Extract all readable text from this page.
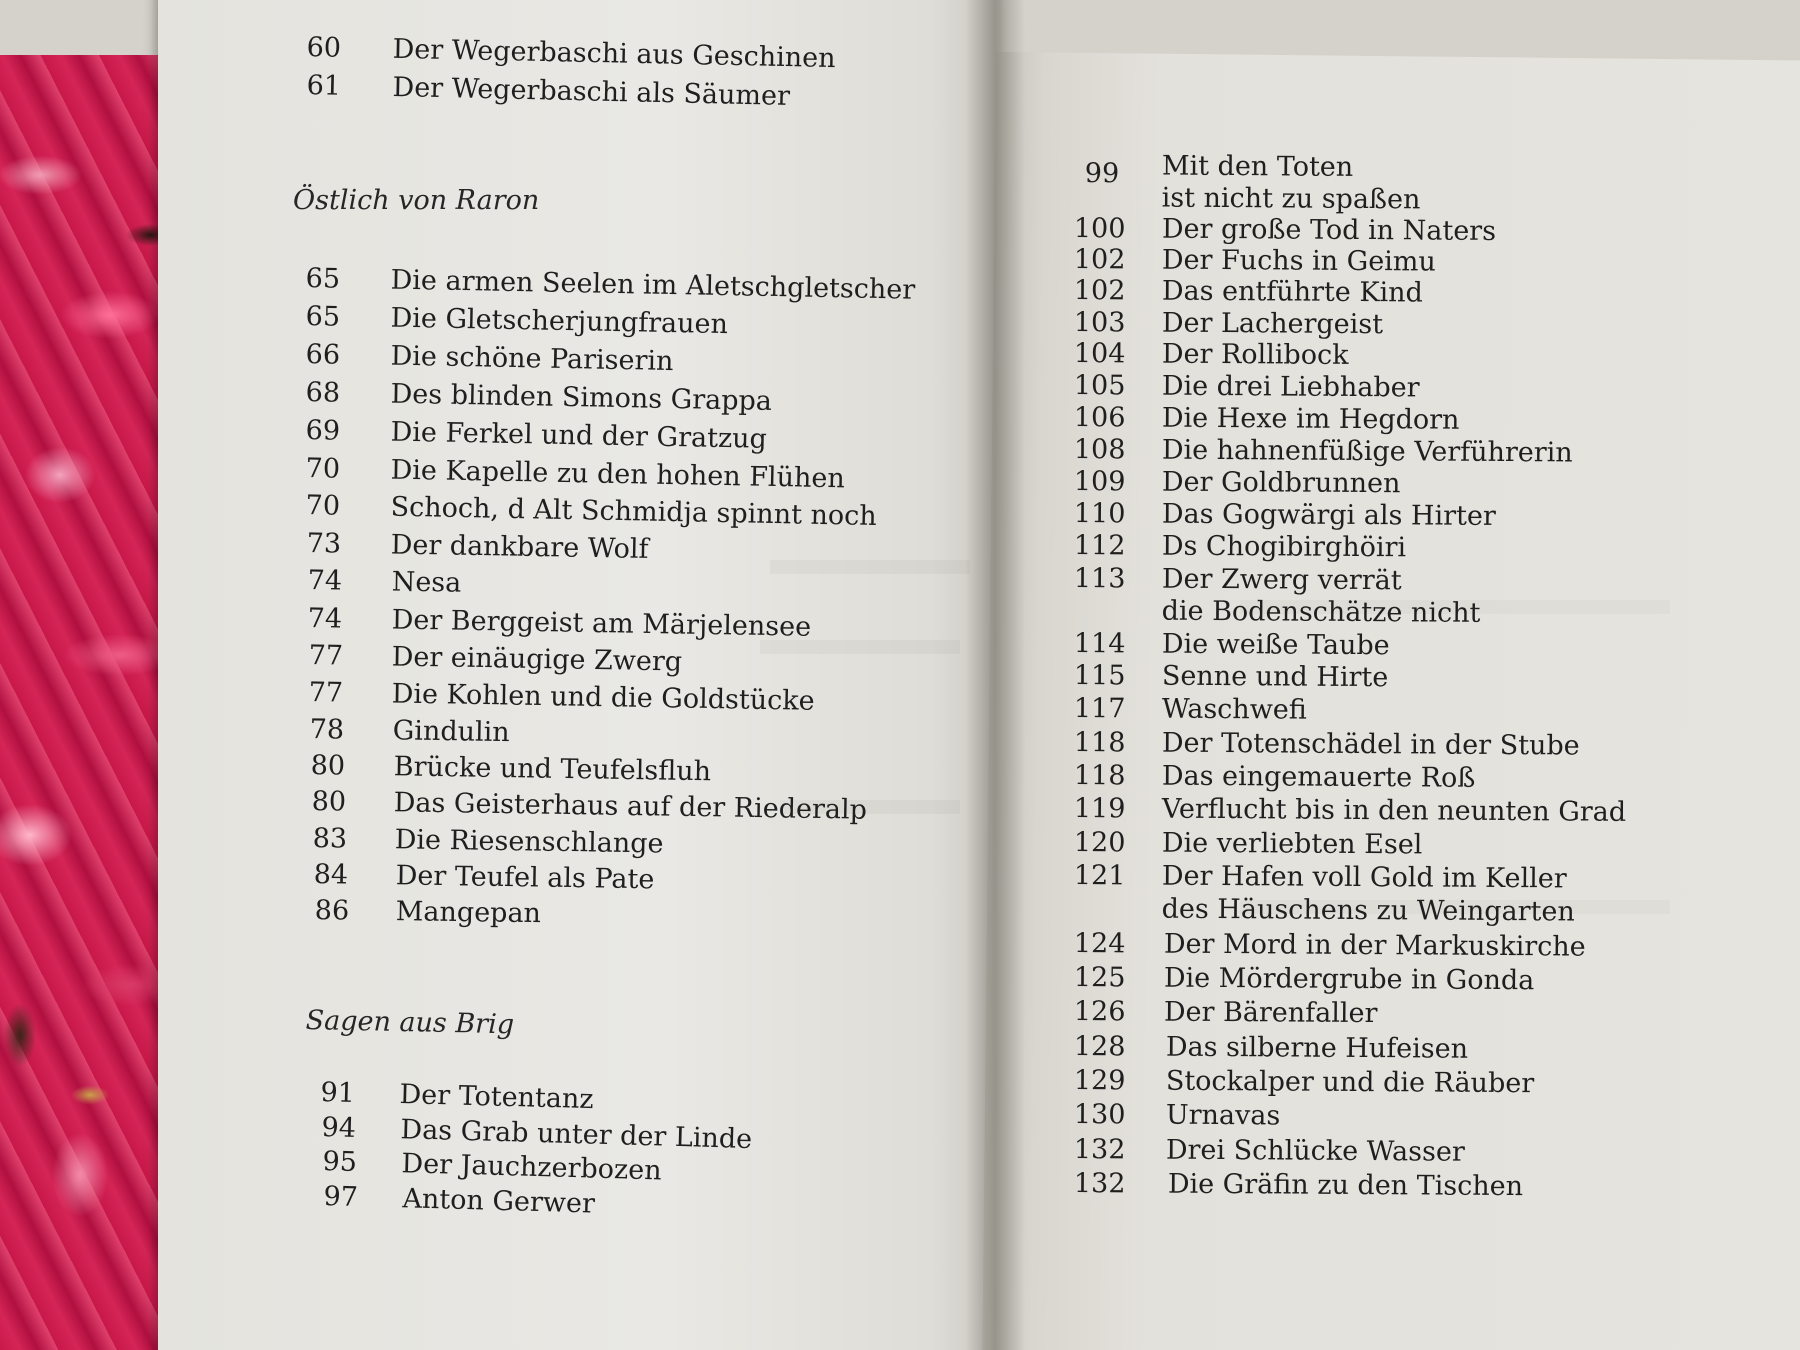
60 Der Wegerbaschi aus Geschinen
61 Der Wegerbaschi als Säumer
Östlich von Raron
65 Die armen Seelen im Aletschgletscher
65 Die Gletscherjungfrauen
66 Die schöne Pariserin
68 Des blinden Simons Grappa
69 Die Ferkel und der Gratzug
70 Die Kapelle zu den hohen Flühen
70 Schoch, d Alt Schmidja spinnt noch
73 Der dankbare Wolf
74 Nesa
74 Der Berggeist am Märjelensee
77 Der einäugige Zwerg
77 Die Kohlen und die Goldstücke
78 Gindulin
80 Brücke und Teufelsfluh
80 Das Geisterhaus auf der Riederalp
83 Die Riesenschlange
84 Der Teufel als Pate
86 Mangepan
Sagen aus Brig
91 Der Totentanz
94 Das Grab unter der Linde
95 Der Jauchzerbozen
97 Anton Gerwer
99 Mit den Toten
ist nicht zu spaßen
100 Der große Tod in Naters
102 Der Fuchs in Geimu
102 Das entführte Kind
103 Der Lachergeist
104 Der Rollibock
105 Die drei Liebhaber
106 Die Hexe im Hegdorn
108 Die hahnenfüßige Verführerin
109 Der Goldbrunnen
110 Das Gogwärgi als Hirter
112 Ds Chogibirghöiri
113 Der Zwerg verrät
die Bodenschätze nicht
114 Die weiße Taube
115 Senne und Hirte
117 Waschwefi
118 Der Totenschädel in der Stube
118 Das eingemauerte Roß
119 Verflucht bis in den neunten Grad
120 Die verliebten Esel
121 Der Hafen voll Gold im Keller
des Häuschens zu Weingarten
124 Der Mord in der Markuskirche
125 Die Mördergrube in Gonda
126 Der Bärenfaller
128 Das silberne Hufeisen
129 Stockalper und die Räuber
130 Urnavas
132 Drei Schlücke Wasser
132 Die Gräfin zu den Tischen
